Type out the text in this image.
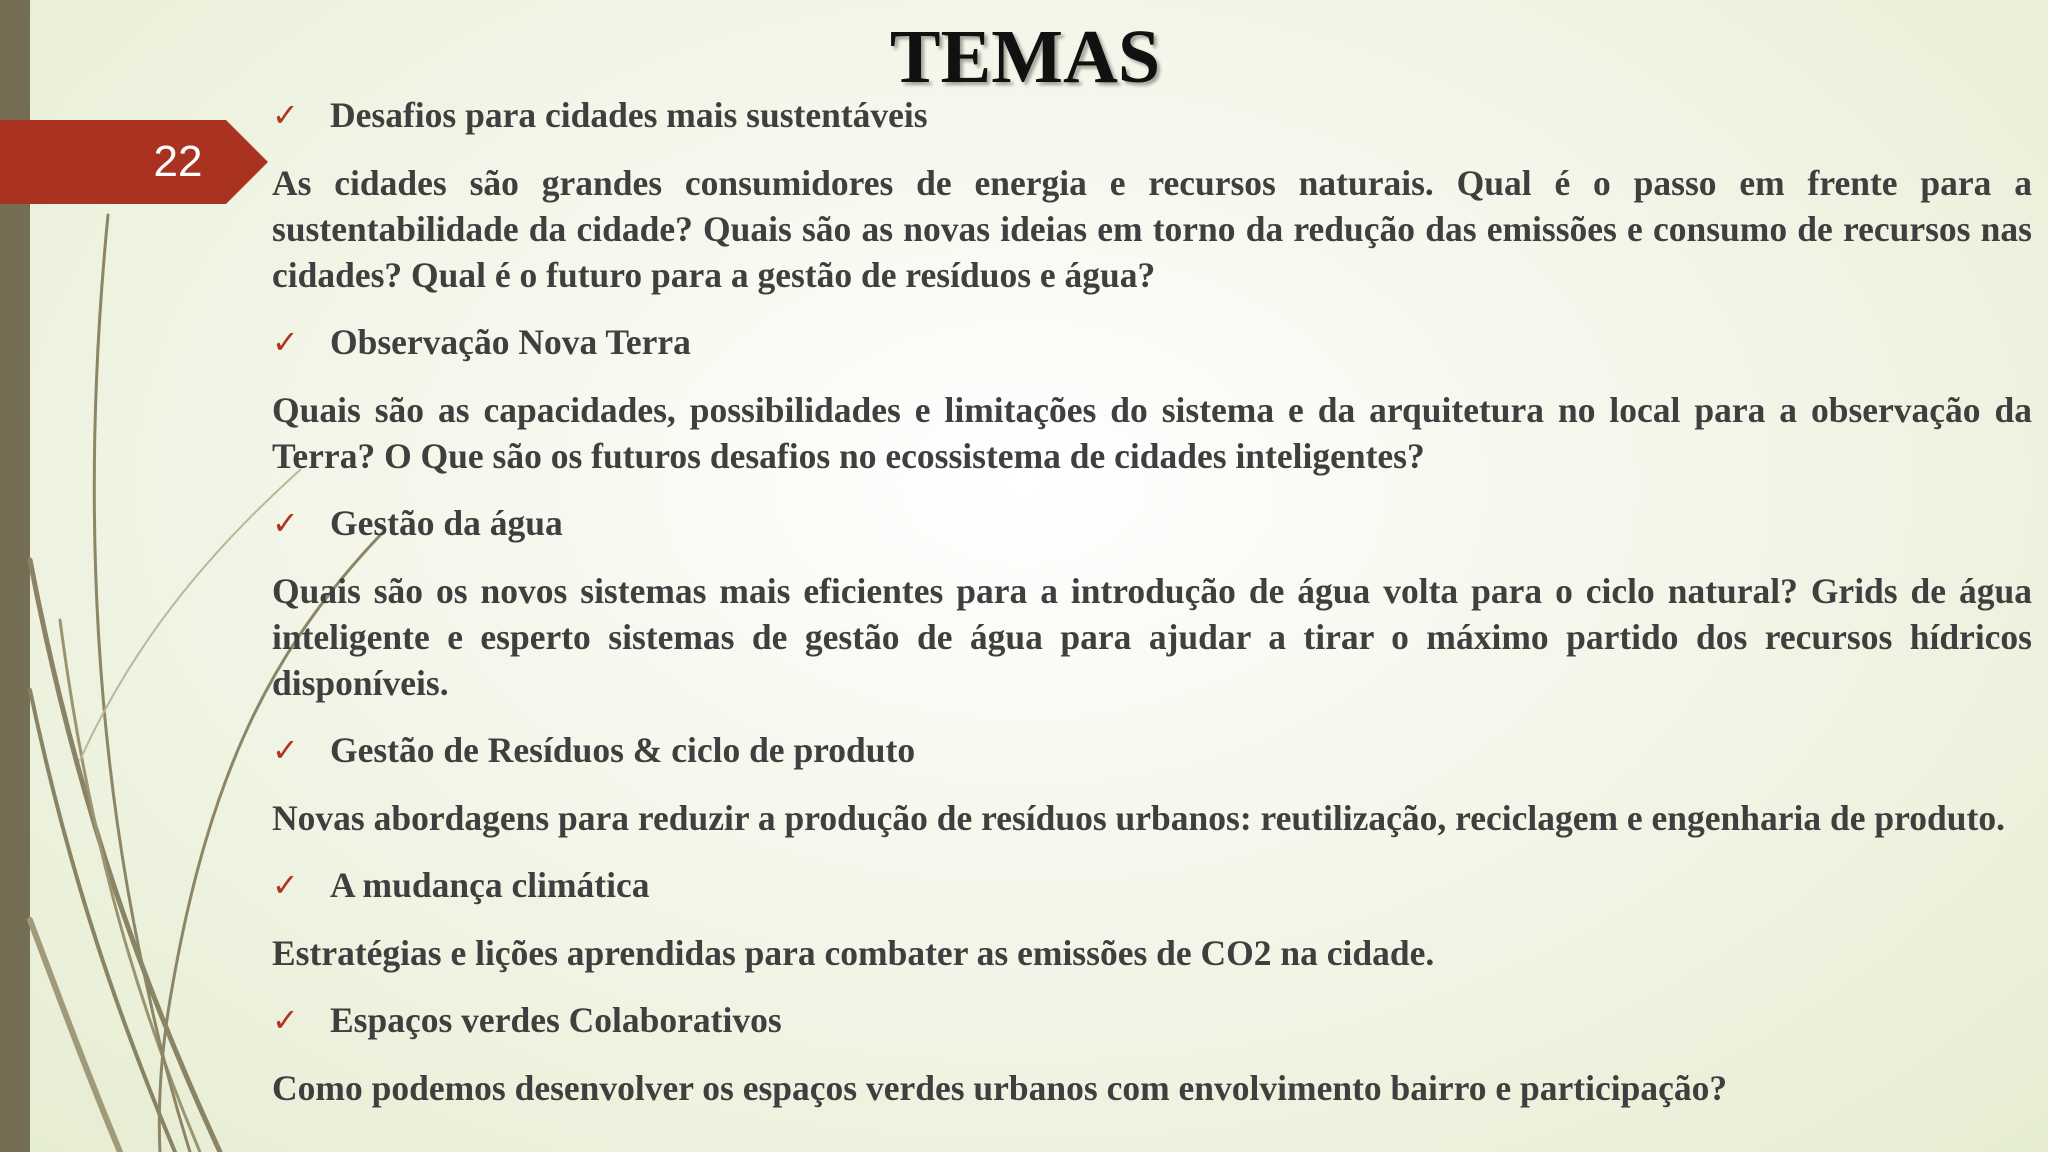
22
TEMAS
✓ Desafios para cidades mais sustentáveis

As cidades são grandes consumidores de energia e recursos naturais. Qual é o passo em frente para a sustentabilidade da cidade? Quais são as novas ideias em torno da redução das emissões e consumo de recursos nas cidades? Qual é o futuro para a gestão de resíduos e água?

✓ Observação Nova Terra

Quais são as capacidades, possibilidades e limitações do sistema e da arquitetura no local para a observação da Terra? O Que são os futuros desafios no ecossistema de cidades inteligentes?

✓ Gestão da água

Quais são os novos sistemas mais eficientes para a introdução de água volta para o ciclo natural? Grids de água inteligente e esperto sistemas de gestão de água para ajudar a tirar o máximo partido dos recursos hídricos disponíveis.

✓ Gestão de Resíduos & ciclo de produto

Novas abordagens para reduzir a produção de resíduos urbanos: reutilização, reciclagem e engenharia de produto.

✓ A mudança climática

Estratégias e lições aprendidas para combater as emissões de CO2 na cidade.

✓ Espaços verdes Colaborativos

Como podemos desenvolver os espaços verdes urbanos com envolvimento bairro e participação?
